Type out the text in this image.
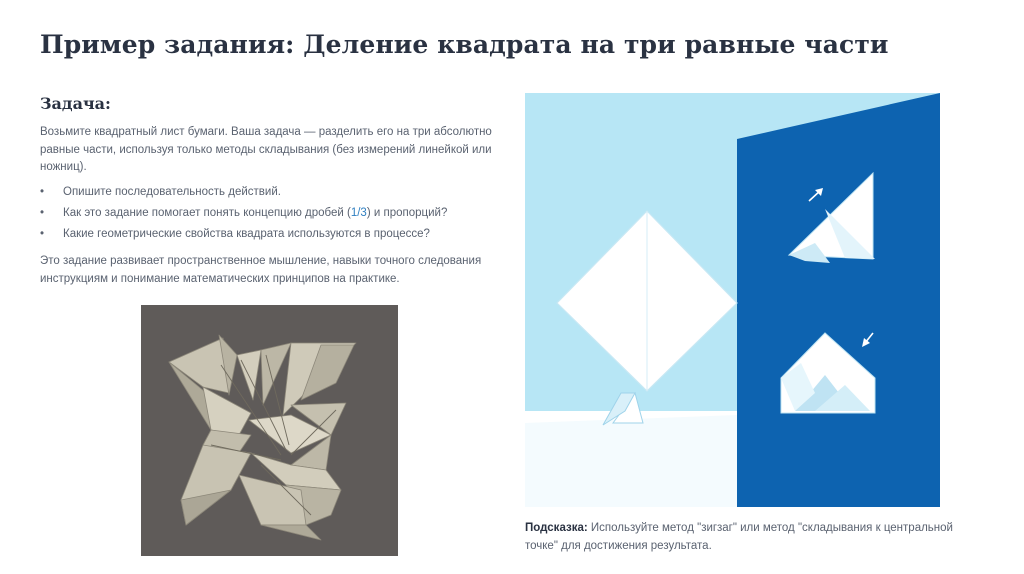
Пример задания: Деление квадрата на три равные части
Задача:

Возьмите квадратный лист бумаги. Ваша задача — разделить его на три абсолютно равные части, используя только методы складывания (без измерений линейкой или ножниц).

• Опишите последовательность действий.
• Как это задание помогает понять концепцию дробей (1/3) и пропорций?
• Какие геометрические свойства квадрата используются в процессе?

Это задание развивает пространственное мышление, навыки точного следования инструкциям и понимание математических принципов на практике.

Подсказка: Используйте метод "зигзаг" или метод "складывания к центральной точке" для достижения результата.
